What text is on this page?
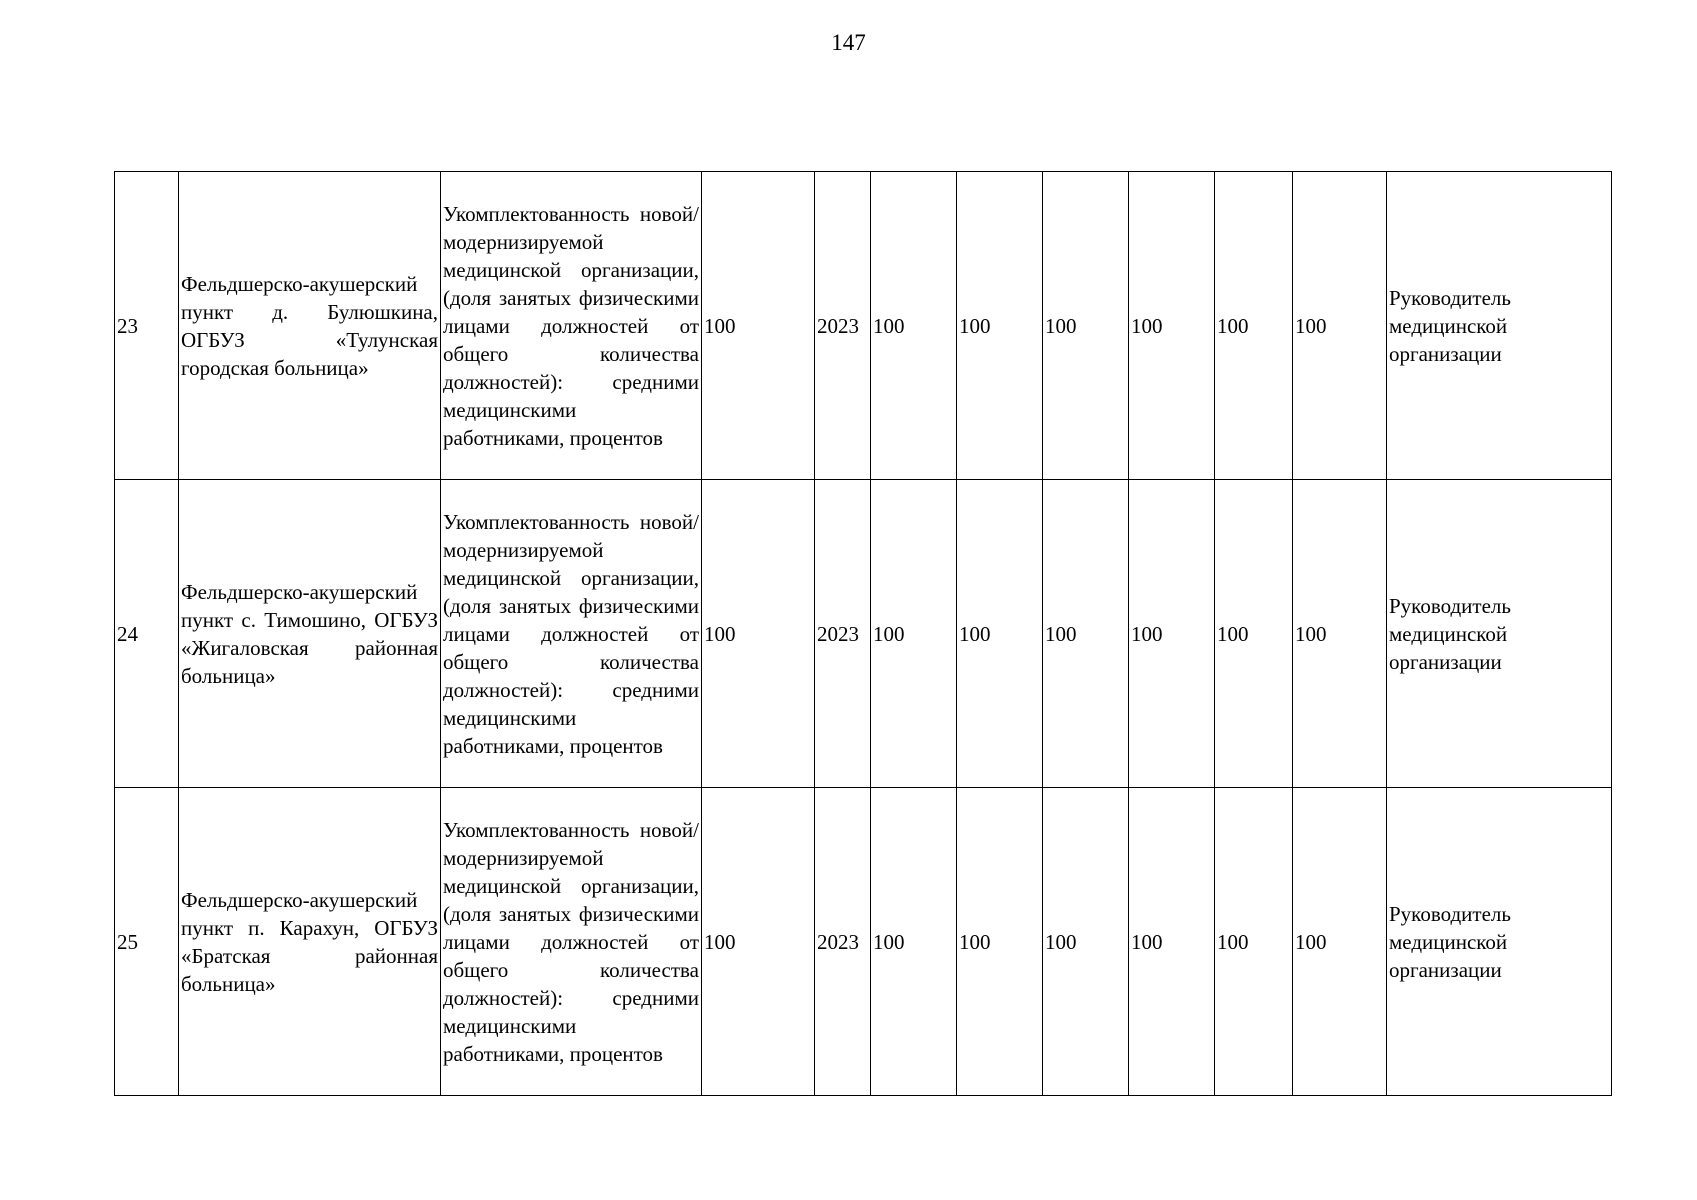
147
23	Фельдшерско-акушерский пункт д. Булюшкина, ОГБУЗ «Тулунская городская больница»	Укомплектованность новой/модернизируемой медицинской организации, (доля занятых физическими лицами должностей от общего количества должностей): средними медицинскими работниками, процентов	100	2023	100	100	100	100	100	100	Руководитель медицинской организации
24	Фельдшерско-акушерский пункт с. Тимошино, ОГБУЗ «Жигаловская районная больница»	Укомплектованность новой/модернизируемой медицинской организации, (доля занятых физическими лицами должностей от общего количества должностей): средними медицинскими работниками, процентов	100	2023	100	100	100	100	100	100	Руководитель медицинской организации
25	Фельдшерско-акушерский пункт п. Карахун, ОГБУЗ «Братская районная больница»	Укомплектованность новой/модернизируемой медицинской организации, (доля занятых физическими лицами должностей от общего количества должностей): средними медицинскими работниками, процентов	100	2023	100	100	100	100	100	100	Руководитель медицинской организации
